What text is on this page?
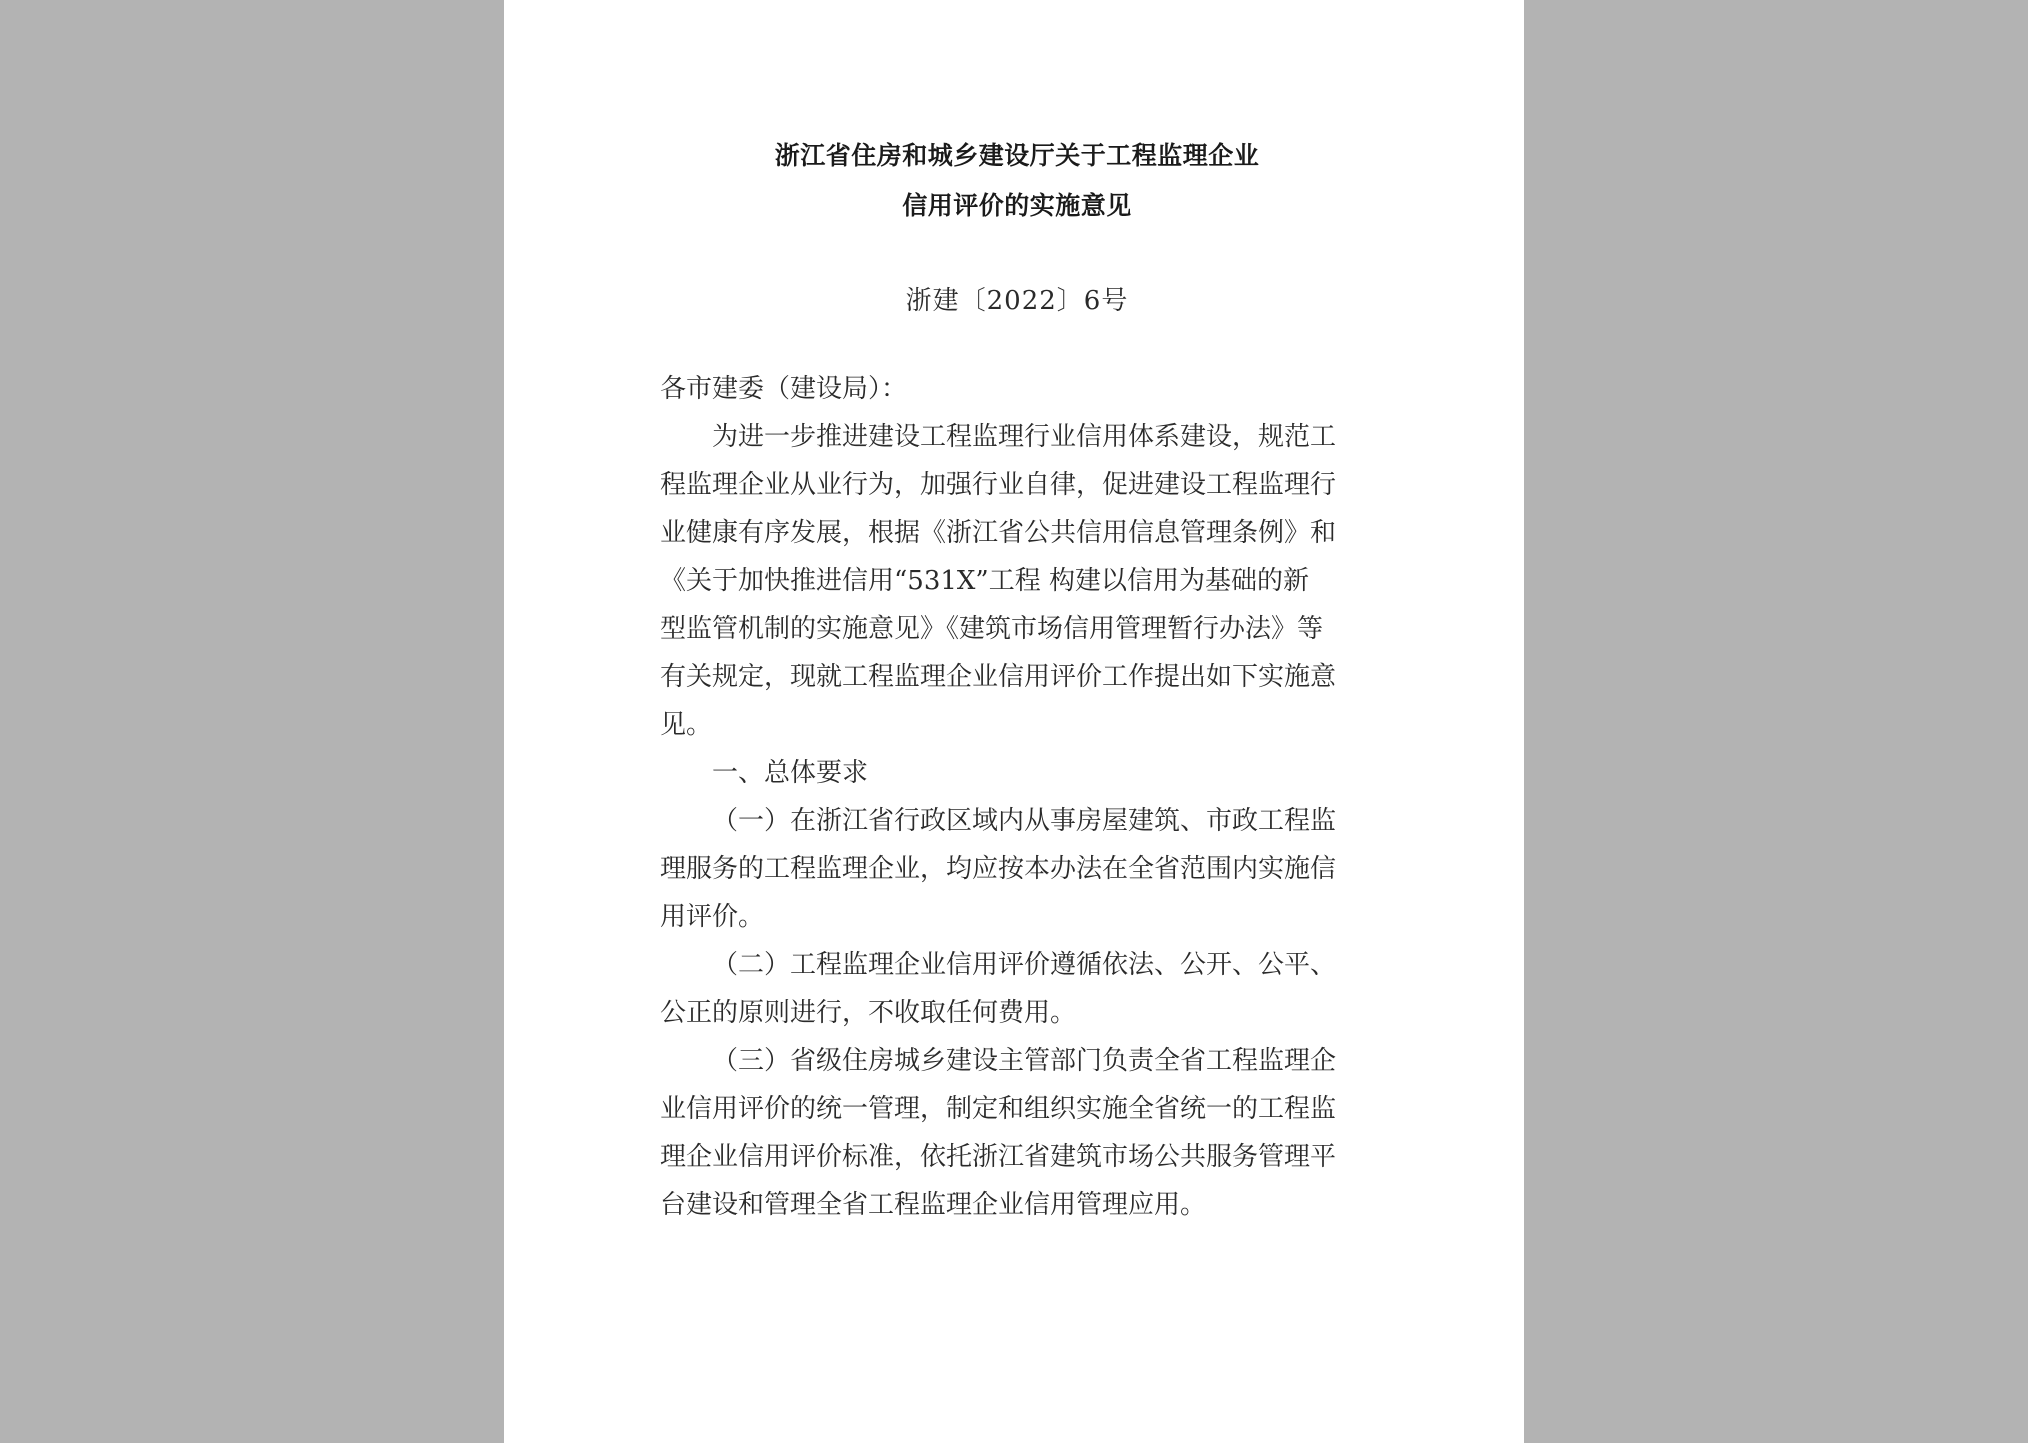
浙江省住房和城乡建设厅关于工程监理企业
信用评价的实施意见
浙建〔2022〕6号
各市建委（建设局）：
为进一步推进建设工程监理行业信用体系建设，规范工
程监理企业从业行为，加强行业自律，促进建设工程监理行
业健康有序发展，根据《浙江省公共信用信息管理条例》和
《关于加快推进信用“531X”工程 构建以信用为基础的新
型监管机制的实施意见》《建筑市场信用管理暂行办法》等
有关规定，现就工程监理企业信用评价工作提出如下实施意
见。
一、总体要求
（一）在浙江省行政区域内从事房屋建筑、市政工程监
理服务的工程监理企业，均应按本办法在全省范围内实施信
用评价。
（二）工程监理企业信用评价遵循依法、公开、公平、
公正的原则进行，不收取任何费用。
（三）省级住房城乡建设主管部门负责全省工程监理企
业信用评价的统一管理，制定和组织实施全省统一的工程监
理企业信用评价标准，依托浙江省建筑市场公共服务管理平
台建设和管理全省工程监理企业信用管理应用。
